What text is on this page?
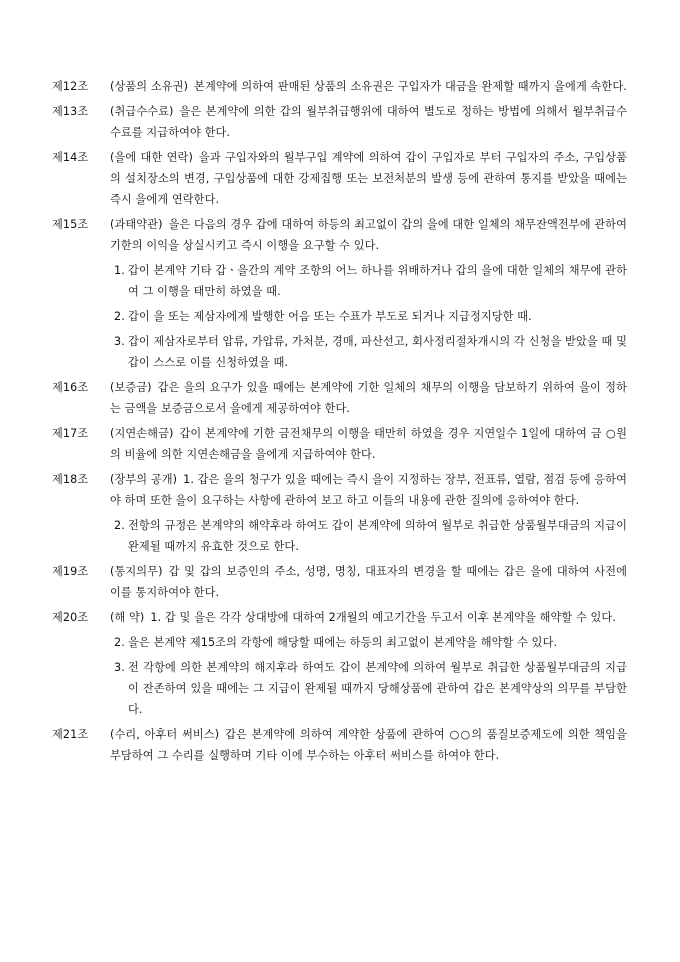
제12조	(상품의 소유권) 본계약에 의하여 판매된 상품의 소유권은 구입자가 대금을 완제할 때까지 을에게 속한다.
제13조	(취급수수료) 을은 본계약에 의한 갑의 월부취급행위에 대하여 별도로 정하는 방법에 의해서 월부취급수수료를 지급하여야 한다.
제14조	(을에 대한 연락) 을과 구입자와의 월부구입 계약에 의하여 갑이 구입자로 부터 구입자의 주소, 구입상품의 설치장소의 변경, 구입상품에 대한 강제집행 또는 보전처분의 발생 등에 관하여 통지를 받았을 때에는 즉시 을에게 연락한다.
제15조	(과태약관) 을은 다음의 경우 갑에 대하여 하등의 최고없이 갑의 을에 대한 일체의 채무잔액전부에 관하여 기한의 이익을 상실시키고 즉시 이행을 요구할 수 있다.
1. 갑이 본계약 기타 갑ㆍ을간의 계약 조항의 어느 하나를 위배하거나 갑의 을에 대한 일체의 채무에 관하여 그 이행을 태만히 하였을 때.
2. 갑이 을 또는 제삼자에게 발행한 어음 또는 수표가 부도로 되거나 지급정지당한 때.
3. 갑이 제삼자로부터 압류, 가압류, 가처분, 경매, 파산선고, 회사정리절차개시의 각 신청을 받았을 때 및 갑이 스스로 이를 신청하였을 때.
제16조	(보증금) 갑은 을의 요구가 있을 때에는 본계약에 기한 일체의 채무의 이행을 담보하기 위하여 을이 정하는 금액을 보증금으로서 을에게 제공하여야 한다.
제17조	(지연손해금) 갑이 본계약에 기한 금전채무의 이행을 태만히 하였을 경우 지연일수 1일에 대하여 금 ○원의 비율에 의한 지연손해금을 을에게 지급하여야 한다.
제18조	(장부의 공개) 1. 갑은 을의 청구가 있을 때에는 즉시 을이 지정하는 장부, 전표류, 열람, 점검 등에 응하여야 하며 또한 을이 요구하는 사항에 관하여 보고 하고 이들의 내용에 관한 질의에 응하여야 한다.
2. 전항의 규정은 본계약의 해약후라 하여도 갑이 본계약에 의하여 월부로 취급한 상품월부대금의 지급이 완제될 때까지 유효한 것으로 한다.
제19조	(통지의무) 갑 및 갑의 보증인의 주소, 성명, 명칭, 대표자의 변경을 할 때에는 갑은 을에 대하여 사전에 이를 통지하여야 한다.
제20조	(해 약) 1. 갑 및 을은 각각 상대방에 대하여 2개월의 예고기간을 두고서 이후 본계약을 해약할 수 있다.
2. 을은 본계약 제15조의 각항에 해당할 때에는 하등의 최고없이 본계약을 해약할 수 있다.
3. 전 각항에 의한 본계약의 해지후라 하여도 갑이 본계약에 의하여 월부로 취급한 상품월부대금의 지급이 잔존하여 있을 때에는 그 지급이 완제될 때까지 당해상품에 관하여 갑은 본계약상의 의무를 부담한다.
제21조	(수리, 아후터 써비스) 갑은 본계약에 의하여 계약한 상품에 관하여 ○○의 품질보증제도에 의한 책임을 부담하여 그 수리를 실행하며 기타 이에 부수하는 아후터 써비스를 하여야 한다.
